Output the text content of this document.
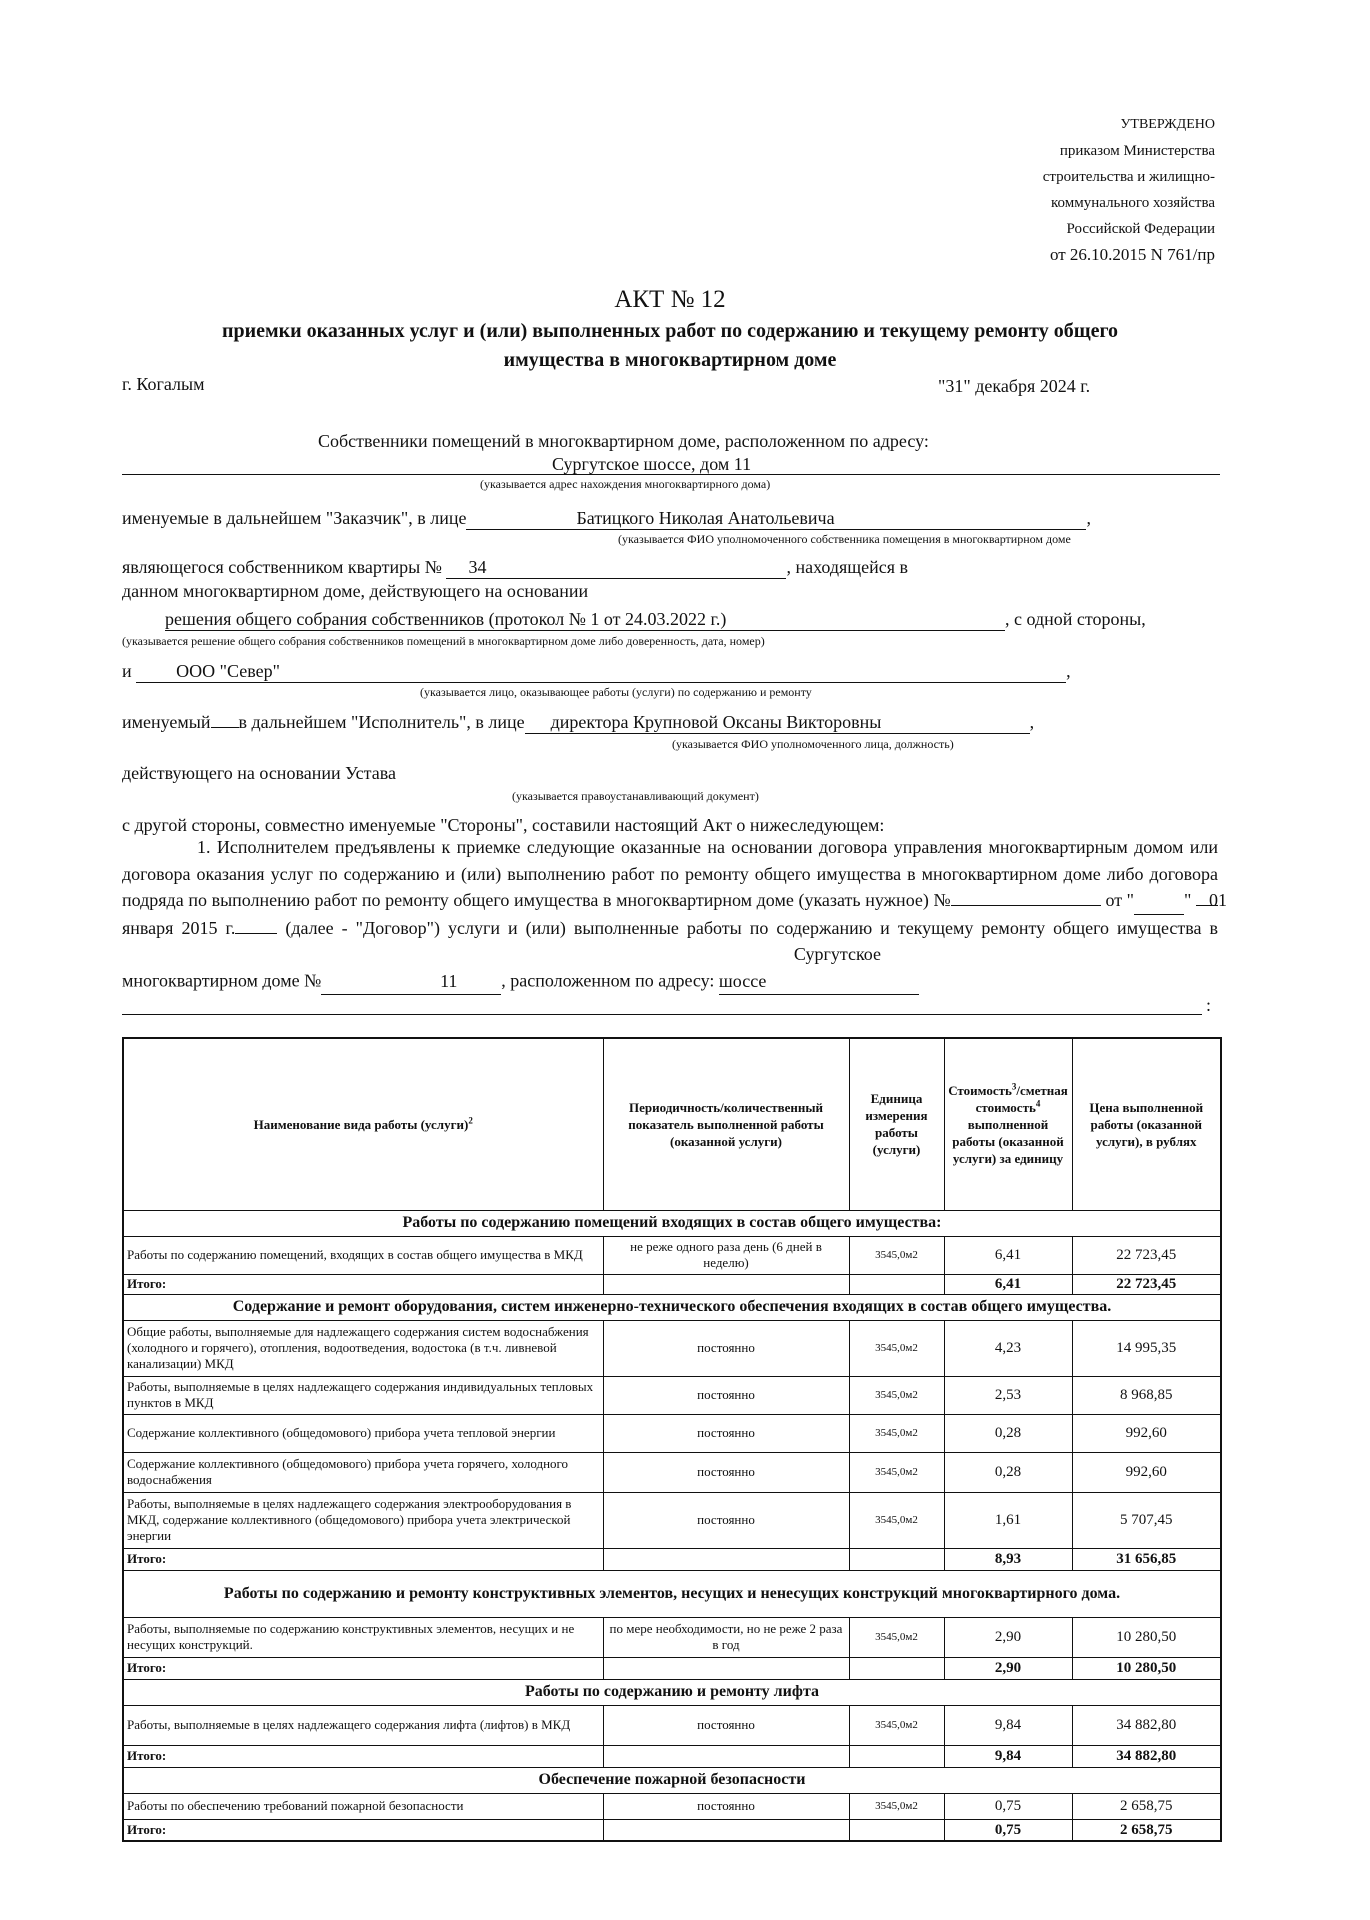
УТВЕРЖДЕНО
приказом Министерства
строительства и жилищно-
коммунального хозяйства
Российской Федерации
от 26.10.2015 N 761/пр
АКТ № 12
приемки оказанных услуг и (или) выполненных работ по содержанию и текущему ремонту общего
имущества в многоквартирном доме
г. Когалым	"31" декабря 2024 г.
Собственники помещений в многоквартирном доме, расположенном по адресу:
Сургутское шоссе, дом 11
(указывается адрес нахождения многоквартирного дома)
именуемые в дальнейшем "Заказчик", в лице	Батицкого Николая Анатольевича	,
(указывается ФИО уполномоченного собственника помещения в многоквартирном доме
являющегося собственником квартиры № 34	, находящейся в
данном многоквартирном доме, действующего на основании
решения общего собрания собственников (протокол № 1 от 24.03.2022 г.)	, с одной стороны,
(указывается решение общего собрания собственников помещений в многоквартирном доме либо доверенность, дата, номер)
и ООО "Север"	,
(указывается лицо, оказывающее работы (услуги) по содержанию и ремонту
именуемый в дальнейшем "Исполнитель", в лице директора Крупновой Оксаны Викторовны	,
(указывается ФИО уполномоченного лица, должность)
действующего на основании Устава
(указывается правоустанавливающий документ)
с другой стороны, совместно именуемые "Стороны", составили настоящий Акт о нижеследующем:
1. Исполнителем предъявлены к приемке следующие оказанные на основании договора управления многоквартирным домом или договора оказания услуг по содержанию и (или) выполнению работ по ремонту общего имущества в многоквартирном доме либо договора подряда по выполнению работ по ремонту общего имущества в многоквартирном доме (указать нужное) №	от "	01" января 2015 г.	(далее - "Договор") услуги и (или) выполненные работы по содержанию и текущему ремонту общего имущества в многоквартирном доме №	11 , расположенном по адресу: Сургутское шоссе
:
Наименование вида работы (услуги)$^2$	Периодичность/количественный показатель выполненной работы (оказанной услуги)	Единица измерения работы (услуги)	Стоимость$^3$/сметная стоимость$^4$ выполненной работы (оказанной услуги) за единицу	Цена выполненной работы (оказанной услуги), в рублях
Работы по содержанию помещений входящих в состав общего имущества:				
Работы по содержанию помещений, входящих в состав общего имущества в МКД	не реже одного раза день (6 дней в неделю)	3545,0м2	6,41	22 723,45
Итого:			6,41	22 723,45
Содержание и ремонт оборудования, систем инженерно-технического обеспечения входящих в состав общего имущества.				
Общие работы, выполняемые для надлежащего содержания систем водоснабжения (холодного и горячего), отопления, водоотведения, водостока (в т.ч. ливневой канализации) МКД	постоянно	3545,0м2	4,23	14 995,35
Работы, выполняемые в целях надлежащего содержания индивидуальных тепловых пунктов в МКД	постоянно	3545,0м2	2,53	8 968,85
Содержание коллективного (общедомового) прибора учета тепловой энергии	постоянно	3545,0м2	0,28	992,60
Содержание коллективного (общедомового) прибора учета горячего, холодного водоснабжения	постоянно	3545,0м2	0,28	992,60
Работы, выполняемые в целях надлежащего содержания электрооборудования в МКД, содержание коллективного (общедомового) прибора учета электрической энергии	постоянно	3545,0м2	1,61	5 707,45
Итого:			8,93	31 656,85
Работы по содержанию и ремонту конструктивных элементов, несущих и ненесущих конструкций многоквартирного дома.				
Работы, выполняемые по содержанию конструктивных элементов, несущих и не несущих конструкций.	по мере необходимости, но не реже 2 раза в год	3545,0м2	2,90	10 280,50
Итого:			2,90	10 280,50
Работы по содержанию и ремонту лифта				
Работы, выполняемые в целях надлежащего содержания лифта (лифтов) в МКД	постоянно	3545,0м2	9,84	34 882,80
Итого:			9,84	34 882,80
Обеспечение пожарной безопасности				
Работы по обеспечению требований пожарной безопасности	постоянно	3545,0м2	0,75	2 658,75
Итого:			0,75	2 658,75
